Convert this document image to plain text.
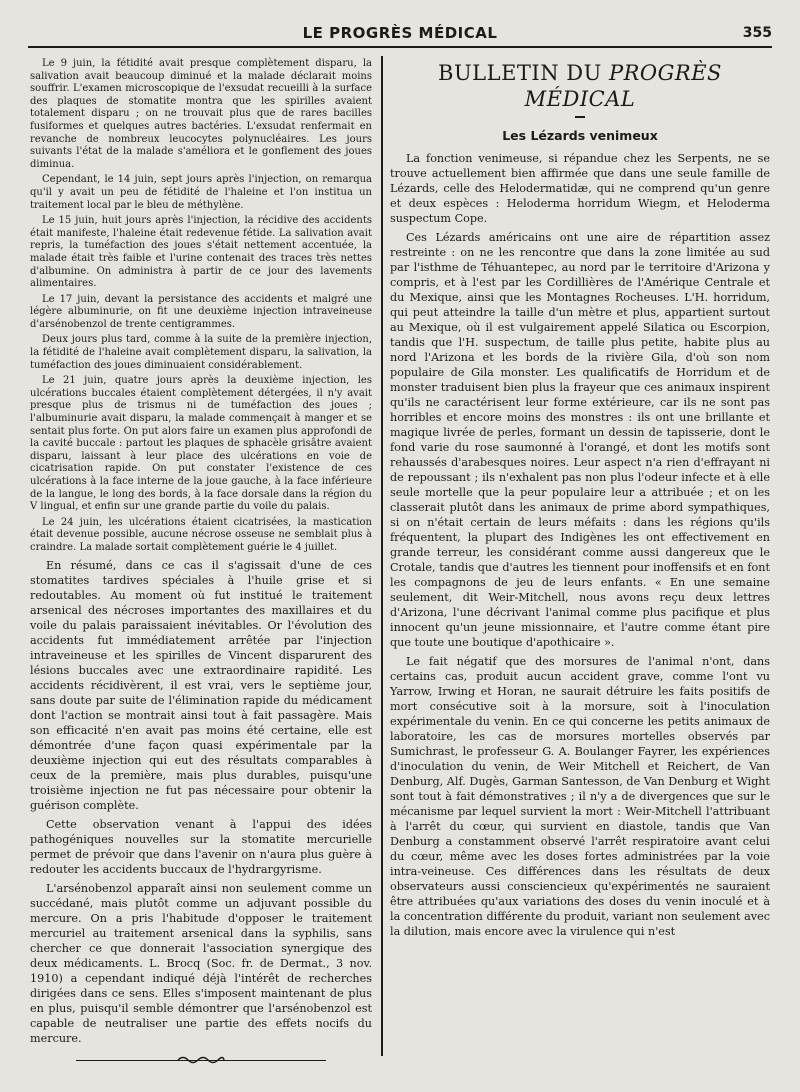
LE PROGRÈS MÉDICAL	355

Le 9 juin, la fétidité avait presque complètement disparu, la salivation avait beaucoup diminué et la malade déclarait moins souffrir. L'examen microscopique de l'exsudat recueilli à la surface des plaques de stomatite montra que les spirilles avaient totalement disparu ; on ne trouvait plus que de rares bacilles fusiformes et quelques autres bactéries. L'exsudat renfermait en revanche de nombreux leucocytes polynucléaires. Les jours suivants l'état de la malade s'améliora et le gonflement des joues diminua.

Cependant, le 14 juin, sept jours après l'injection, on remarqua qu'il y avait un peu de fétidité de l'haleine et l'on institua un traitement local par le bleu de méthylène.

Le 15 juin, huit jours après l'injection, la récidive des accidents était manifeste, l'haleine était redevenue fétide. La salivation avait repris, la tuméfaction des joues s'était nettement accentuée, la malade était très faible et l'urine contenait des traces très nettes d'albumine. On administra à partir de ce jour des lavements alimentaires.

Le 17 juin, devant la persistance des accidents et malgré une légère albuminurie, on fit une deuxième injection intraveineuse d'arsénobenzol de trente centigrammes.

Deux jours plus tard, comme à la suite de la première injection, la fétidité de l'haleine avait complètement disparu, la salivation, la tuméfaction des joues diminuaient considérablement.

Le 21 juin, quatre jours après la deuxième injection, les ulcérations buccales étaient complètement détergées, il n'y avait presque plus de trismus ni de tuméfaction des joues ; l'albuminurie avait disparu, la malade commençait à manger et se sentait plus forte. On put alors faire un examen plus approfondi de la cavité buccale : partout les plaques de sphacèle grisâtre avaient disparu, laissant à leur place des ulcérations en voie de cicatrisation rapide. On put constater l'existence de ces ulcérations à la face interne de la joue gauche, à la face inférieure de la langue, le long des bords, à la face dorsale dans la région du V lingual, et enfin sur une grande partie du voile du palais.

Le 24 juin, les ulcérations étaient cicatrisées, la mastication était devenue possible, aucune nécrose osseuse ne semblait plus à craindre. La malade sortait complètement guérie le 4 juillet.

En résumé, dans ce cas il s'agissait d'une de ces stomatites tardives spéciales à l'huile grise et si redoutables. Au moment où fut institué le traitement arsenical des nécroses importantes des maxillaires et du voile du palais paraissaient inévitables. Or l'évolution des accidents fut immédiatement arrêtée par l'injection intraveineuse et les spirilles de Vincent disparurent des lésions buccales avec une extraordinaire rapidité. Les accidents récidivèrent, il est vrai, vers le septième jour, sans doute par suite de l'élimination rapide du médicament dont l'action se montrait ainsi tout à fait passagère. Mais son efficacité n'en avait pas moins été certaine, elle est démontrée d'une façon quasi expérimentale par la deuxième injection qui eut des résultats comparables à ceux de la première, mais plus durables, puisqu'une troisième injection ne fut pas nécessaire pour obtenir la guérison complète.

Cette observation venant à l'appui des idées pathogéniques nouvelles sur la stomatite mercurielle permet de prévoir que dans l'avenir on n'aura plus guère à redouter les accidents buccaux de l'hydrargyrisme.

L'arsénobenzol apparaît ainsi non seulement comme un succédané, mais plutôt comme un adjuvant possible du mercure. On a pris l'habitude d'opposer le traitement mercuriel au traitement arsenical dans la syphilis, sans chercher ce que donnerait l'association synergique des deux médicaments. L. Brocq (Soc. fr. de Dermat., 3 nov. 1910) a cependant indiqué déjà l'intérêt de recherches dirigées dans ce sens. Elles s'imposent maintenant de plus en plus, puisqu'il semble démontrer que l'arsénobenzol est capable de neutraliser une partie des effets nocifs du mercure.

BULLETIN DU PROGRÈS MÉDICAL
Les Lézards venimeux

La fonction venimeuse, si répandue chez les Serpents, ne se trouve actuellement bien affirmée que dans une seule famille de Lézards, celle des Helodermatidæ, qui ne comprend qu'un genre et deux espèces : Heloderma horridum Wiegm, et Heloderma suspectum Cope.

Ces Lézards américains ont une aire de répartition assez restreinte : on ne les rencontre que dans la zone limitée au sud par l'isthme de Téhuantepec, au nord par le territoire d'Arizona y compris, et à l'est par les Cordillières de l'Amérique Centrale et du Mexique, ainsi que les Montagnes Rocheuses. L'H. horridum, qui peut atteindre la taille d'un mètre et plus, appartient surtout au Mexique, où il est vulgairement appelé Silatica ou Escorpion, tandis que l'H. suspectum, de taille plus petite, habite plus au nord l'Arizona et les bords de la rivière Gila, d'où son nom populaire de Gila monster. Les qualificatifs de Horridum et de monster traduisent bien plus la frayeur que ces animaux inspirent qu'ils ne caractérisent leur forme extérieure, car ils ne sont pas horribles et encore moins des monstres : ils ont une brillante et magique livrée de perles, formant un dessin de tapisserie, dont le fond varie du rose saumonné à l'orangé, et dont les motifs sont rehaussés d'arabesques noires. Leur aspect n'a rien d'effrayant ni de repoussant ; ils n'exhalent pas non plus l'odeur infecte et à elle seule mortelle que la peur populaire leur a attribuée ; et on les classerait plutôt dans les animaux de prime abord sympathiques, si on n'était certain de leurs méfaits : dans les régions qu'ils fréquentent, la plupart des Indigènes les ont effectivement en grande terreur, les considérant comme aussi dangereux que le Crotale, tandis que d'autres les tiennent pour inoffensifs et en font les compagnons de jeu de leurs enfants. « En une semaine seulement, dit Weir-Mitchell, nous avons reçu deux lettres d'Arizona, l'une décrivant l'animal comme plus pacifique et plus innocent qu'un jeune missionnaire, et l'autre comme étant pire que toute une boutique d'apothicaire ».

Le fait négatif que des morsures de l'animal n'ont, dans certains cas, produit aucun accident grave, comme l'ont vu Yarrow, Irwing et Horan, ne saurait détruire les faits positifs de mort consécutive soit à la morsure, soit à l'inoculation expérimentale du venin. En ce qui concerne les petits animaux de laboratoire, les cas de morsures mortelles observés par Sumichrast, le professeur G. A. Boulanger Fayrer, les expériences d'inoculation du venin, de Weir Mitchell et Reichert, de Van Denburg, Alf. Dugès, Garman Santesson, de Van Denburg et Wight sont tout à fait démonstratives ; il n'y a de divergences que sur le mécanisme par lequel survient la mort : Weir-Mitchell l'attribuant à l'arrêt du cœur, qui survient en diastole, tandis que Van Denburg a constamment observé l'arrêt respiratoire avant celui du cœur, même avec les doses fortes administrées par la voie intra-veineuse. Ces différences dans les résultats de deux observateurs aussi consciencieux qu'expérimentés ne sauraient être attribuées qu'aux variations des doses du venin inoculé et à la concentration différente du produit, variant non seulement avec la dilution, mais encore avec la virulence qui n'est
